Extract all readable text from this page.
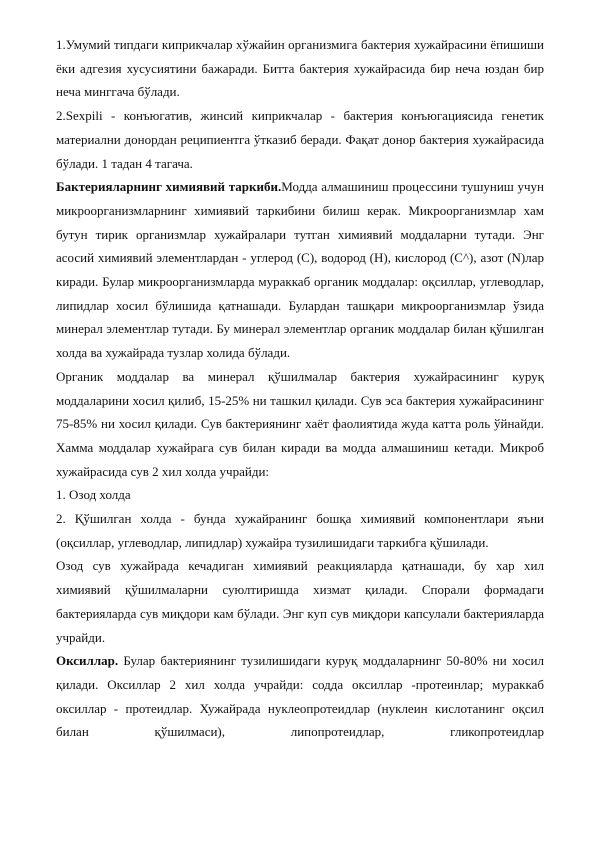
1.Умумий типдаги киприкчалар хўжайин организмига бактерия хужайрасини ёпишиши ёки адгезия хусусиятини бажаради. Битта бактерия хужайрасида бир неча юздан бир неча минггача бўлади.

2.Sexpili - конъюгатив, жинсий киприкчалар - бактерия конъюгациясида генетик материални донордан реципиентга ўтказиб беради. Фақат донор бактерия хужайрасида бўлади. 1 тадан 4 тагача.

Бактерияларнинг химиявий таркиби.Модда алмашиниш процессини тушуниш учун микроорганизмларнинг химиявий таркибини билиш керак. Микроорганизмлар хам бутун тирик организмлар хужайралари тутган химиявий моддаларни тутади. Энг асосий химиявий элементлардан - углерод (С), водород (Н), кислород (С^), азот (N)лар киради. Булар микроорганизмларда мураккаб органик моддалар: оқсиллар, углеводлар, липидлар хосил бўлишида қатнашади. Булардан ташқари микроорганизмлар ўзида минерал элементлар тутади. Бу минерал элементлар органик моддалар билан қўшилган холда ва хужайрада тузлар холида бўлади.

Органик моддалар ва минерал қўшилмалар бактерия хужайрасининг куруқ моддаларини хосил қилиб, 15-25% ни ташкил қилади. Сув эса бактерия хужайрасининг 75-85% ни хосил қилади. Сув бактериянинг хаёт фаолиятида жуда катта роль ўйнайди. Хамма моддалар хужайрага сув билан киради ва модда алмашиниш кетади. Микроб хужайрасида сув 2 хил холда учрайди:

1. Озод холда

2. Қўшилган холда - бунда хужайранинг бошқа химиявий компонентлари яъни (оқсиллар, углеводлар, липидлар) хужайра тузилишидаги таркибга қўшилади.

Озод сув хужайрада кечадиган химиявий реакцияларда қатнашади, бу хар хил химиявий қўшилмаларни суюлтиришда хизмат қилади. Спорали формадаги бактерияларда сув миқдори кам бўлади. Энг куп сув миқдори капсулали бактерияларда учрайди.

Оксиллар. Булар бактериянинг тузилишидаги куруқ моддаларнинг 50-80% ни хосил қилади. Оксиллар 2 хил холда учрайди: содда оксиллар -протеинлар; мураккаб оксиллар - протеидлар. Хужайрада нуклеопротеидлар (нуклеин кислотанинг оқсил билан қўшилмаси), липопротеидлар, гликопротеидлар
